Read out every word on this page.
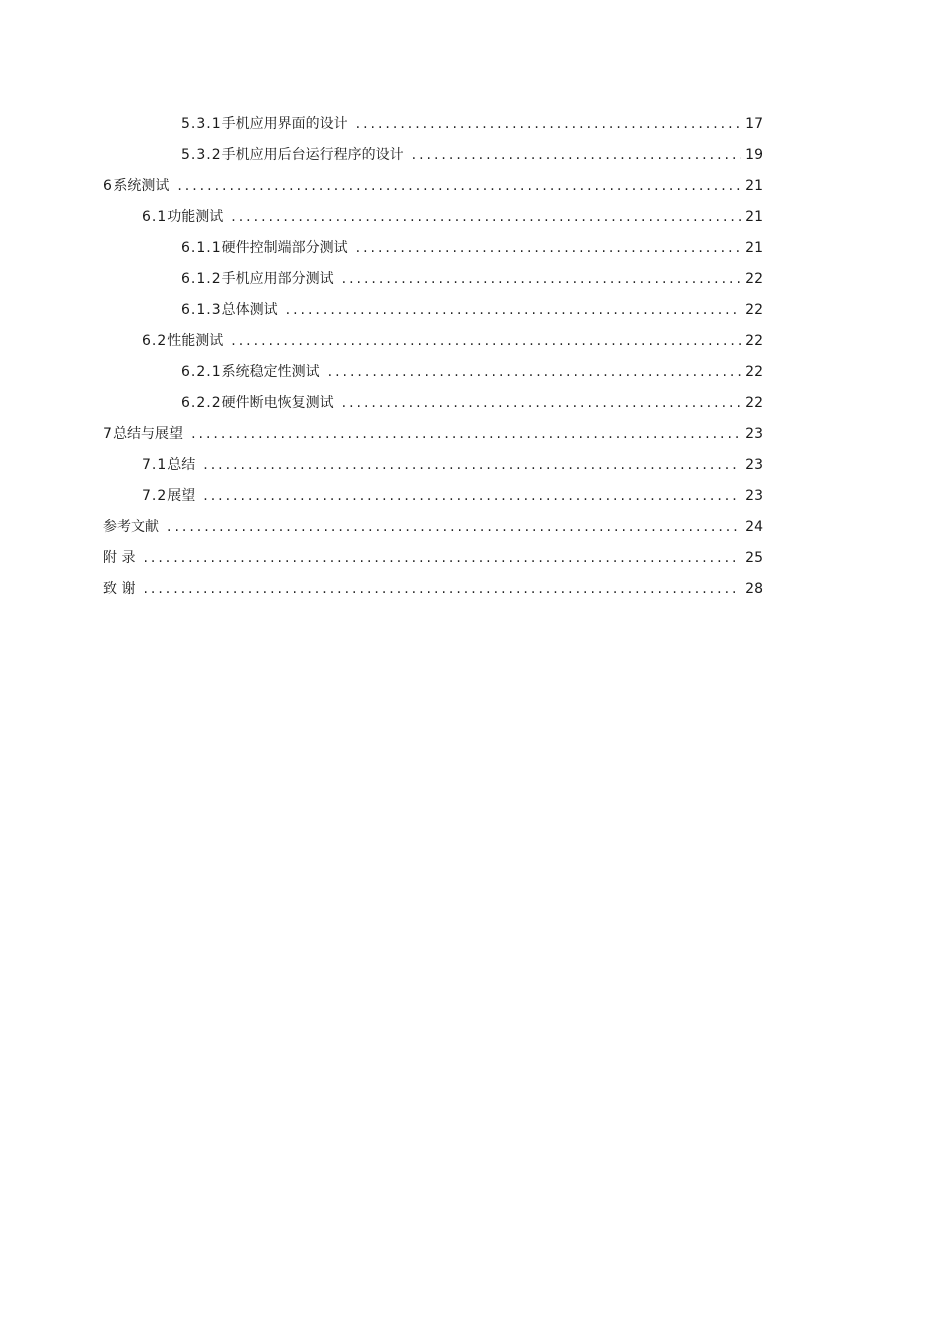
5.3.1 手机应用界面的设计 .....	17
5.3.2 手机应用后台运行程序的设计 .....	19
6 系统测试 .....	21
6.1 功能测试 .....	21
6.1.1 硬件控制端部分测试 .....	21
6.1.2 手机应用部分测试 .....	22
6.1.3 总体测试 .....	22
6.2 性能测试 .....	22
6.2.1 系统稳定性测试 .....	22
6.2.2 硬件断电恢复测试 .....	22
7 总结与展望 .....	23
7.1 总结 .....	23
7.2 展望 .....	23
参考文献 .....	24
附 录 .....	25
致 谢 .....	28
